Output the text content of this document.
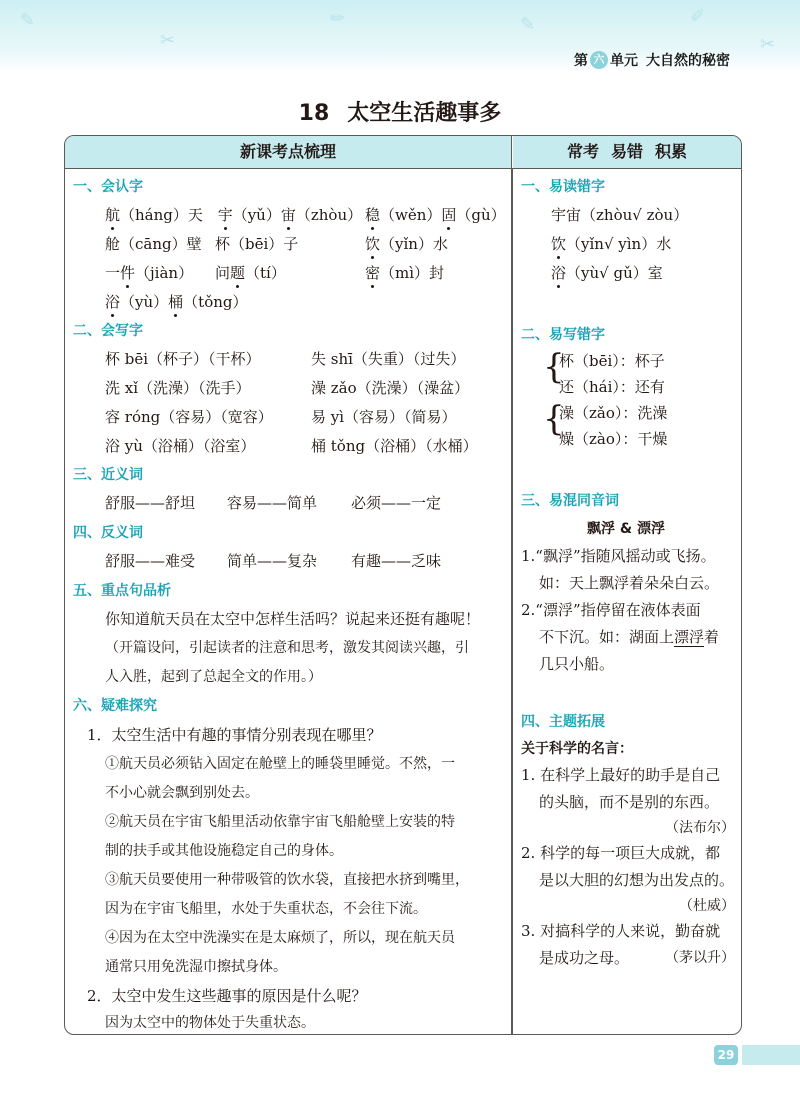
✎
✂
✏	✎	✐
✂
第 六 单元 大自然的秘密
18 太空生活趣事多
新课考点梳理	常考 易错 积累
一、会认字
航（háng）天 宇（yǔ）宙（zhòu） 稳（wěn）固（gù）
舱（cāng）壁 杯（bēi）子	饮（yǐn）水
一件（jiàn） 问题（tí）	密（mì）封
浴（yù）桶（tǒng）
二、会写字
杯 bēi（杯子）（干杯）	失 shī（失重）（过失）
洗 xǐ（洗澡）（洗手）	澡 zǎo（洗澡）（澡盆）
容 róng（容易）（宽容）	易 yì（容易）（简易）
浴 yù（浴桶）（浴室）	桶 tǒng（浴桶）（水桶）
三、近义词
舒服——舒坦 容易——简单 必须——一定
四、反义词
舒服——难受 简单——复杂 有趣——乏味
五、重点句品析
你知道航天员在太空中怎样生活吗？说起来还挺有趣呢！
（开篇设问，引起读者的注意和思考，激发其阅读兴趣，引
人入胜，起到了总起全文的作用。）
六、疑难探究
1．太空生活中有趣的事情分别表现在哪里？
①航天员必须钻入固定在舱壁上的睡袋里睡觉。不然，一
不小心就会飘到别处去。
②航天员在宇宙飞船里活动依靠宇宙飞船舱壁上安装的特
制的扶手或其他设施稳定自己的身体。
③航天员要使用一种带吸管的饮水袋，直接把水挤到嘴里，
因为在宇宙飞船里，水处于失重状态，不会往下流。
④因为在太空中洗澡实在是太麻烦了，所以，现在航天员
通常只用免洗湿巾擦拭身体。
2．太空中发生这些趣事的原因是什么呢？
因为太空中的物体处于失重状态。
一、易读错字
宇宙（zhòu√ zòu）
饮（yǐn√ yìn）水
浴（yù√ gǔ）室
二、易写错字
{
杯（bēi）：杯子
还（hái）：还有
{
澡（zǎo）：洗澡
燥（zào）：干燥
三、易混同音词
飘浮 & 漂浮
1.“飘浮”指随风摇动或飞扬。
如：天上飘浮着朵朵白云。
2.“漂浮”指停留在液体表面
不下沉。如：湖面上漂浮着
几只小船。
四、主题拓展
关于科学的名言：
1. 在科学上最好的助手是自己
的头脑，而不是别的东西。
（法布尔）
2. 科学的每一项巨大成就，都
是以大胆的幻想为出发点的。
（杜威）
3. 对搞科学的人来说，勤奋就
是成功之母。	（茅以升）
29
